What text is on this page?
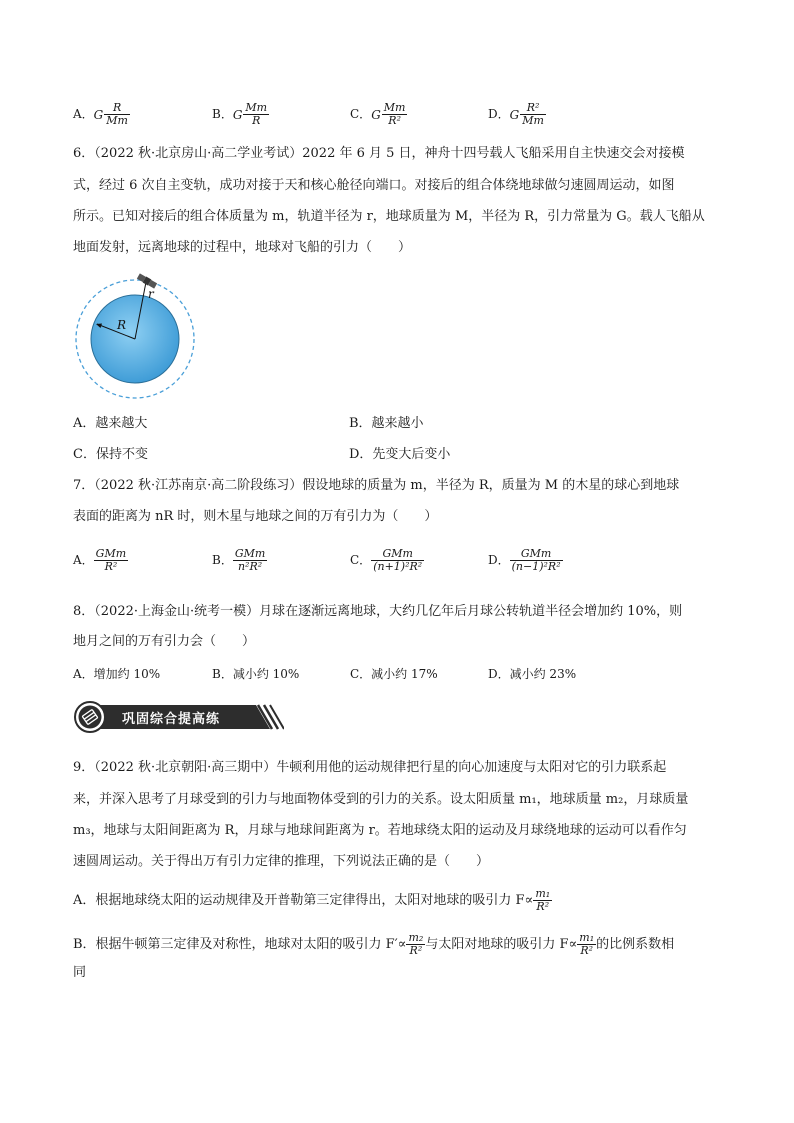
A．G $\frac{R}{Mm}$	B．G $\frac{Mm}{R}$	C．G $\frac{Mm}{\text{R²}}$	D．G $\frac{\text{R²}}{Mm}$
6．（2022 秋·北京房山·高二学业考试）2022 年 6 月 5 日，神舟十四号载人飞船采用自主快速交会对接模
式，经过 6 次自主变轨，成功对接于天和核心舱径向端口。对接后的组合体绕地球做匀速圆周运动，如图
所示。已知对接后的组合体质量为 m，轨道半径为 r，地球质量为 M，半径为 R，引力常量为 G。载人飞船从
地面发射，远离地球的过程中，地球对飞船的引力（　　）
R
r
A．越来越大	B．越来越小
C．保持不变	D．先变大后变小
7．（2022 秋·江苏南京·高二阶段练习）假设地球的质量为 m，半径为 R，质量为 M 的木星的球心到地球
表面的距离为 nR 时，则木星与地球之间的万有引力为（　　）
A． $\frac{\text{GMm}}{\text{R²}}$	B． $\frac{\text{GMm}}{\text{n²R²}}$	C． $\frac{\text{GMm}}{\text{(n+1)²R²}}$	D． $\frac{\text{GMm}}{\text{(n−1)²R²}}$
8．（2022·上海金山·统考一模）月球在逐渐远离地球，大约几亿年后月球公转轨道半径会增加约 10%，则
地月之间的万有引力会（　　）
A．增加约 10%	B．减小约 10%	C．减小约 17%	D．减小约 23%
巩固综合提高练
9．（2022 秋·北京朝阳·高三期中）牛顿利用他的运动规律把行星的向心加速度与太阳对它的引力联系起
来，并深入思考了月球受到的引力与地面物体受到的引力的关系。设太阳质量 m₁，地球质量 m₂，月球质量
m₃，地球与太阳间距离为 R，月球与地球间距离为 r。若地球绕太阳的运动及月球绕地球的运动可以看作匀
速圆周运动。关于得出万有引力定律的推理，下列说法正确的是（　　）
A．根据地球绕太阳的运动规律及开普勒第三定律得出，太阳对地球的吸引力 $F\propto \frac{\text{m₁}}{\text{R²}}$
B．根据牛顿第三定律及对称性，地球对太阳的吸引力 $F'\propto \frac{\text{m₂}}{\text{R²}}$ 与太阳对地球的吸引力 $F\propto \frac{\text{m₁}}{\text{R²}}$ 的比例系数相
同
